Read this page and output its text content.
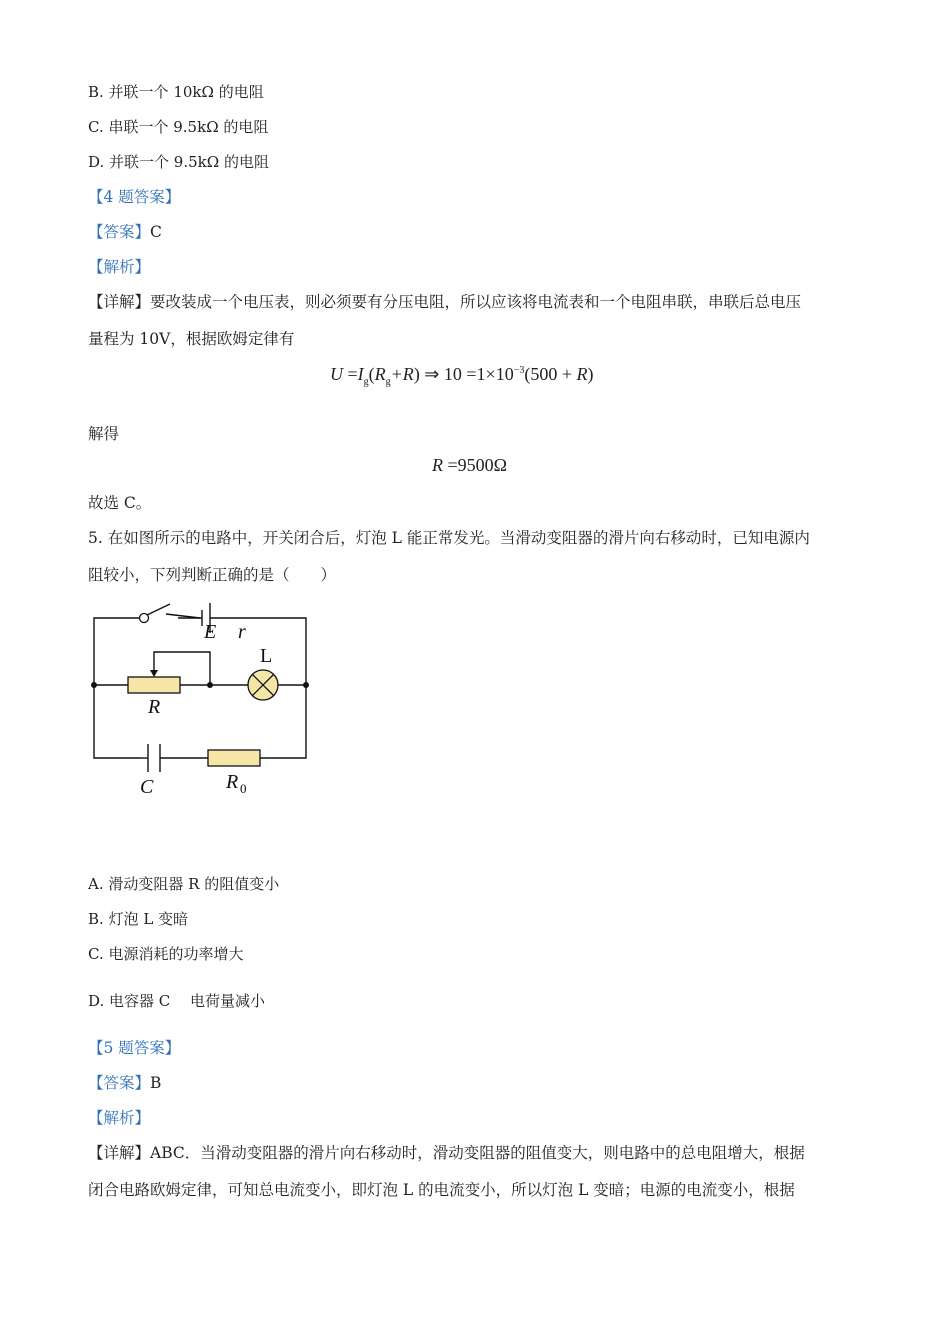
B. 并联一个 10kΩ 的电阻
C. 串联一个 9.5kΩ 的电阻
D. 并联一个 9.5kΩ 的电阻
【4 题答案】
【答案】C
【解析】
【详解】要改装成一个电压表，则必须要有分压电阻，所以应该将电流表和一个电阻串联，串联后总电压
量程为 10V，根据欧姆定律有
$U =I_g(R_g+R)$ ⇒ $10 =1\times 10^{-3}(500 + R)$
解得
R =9500Ω
故选 C。
5. 在如图所示的电路中，开关闭合后，灯泡 L 能正常发光。当滑动变阻器的滑片向右移动时，已知电源内
阻较小，下列判断正确的是（　　）
E r
R
C	R 0
L
A. 滑动变阻器 R 的阻值变小
B. 灯泡 L 变暗
C. 电源消耗的功率增大
D. 电容器 C　 电荷量减小
【5 题答案】
【答案】B
【解析】
【详解】ABC．当滑动变阻器的滑片向右移动时，滑动变阻器的阻值变大，则电路中的总电阻增大，根据
闭合电路欧姆定律，可知总电流变小，即灯泡 L 的电流变小，所以灯泡 L 变暗；电源的电流变小，根据
